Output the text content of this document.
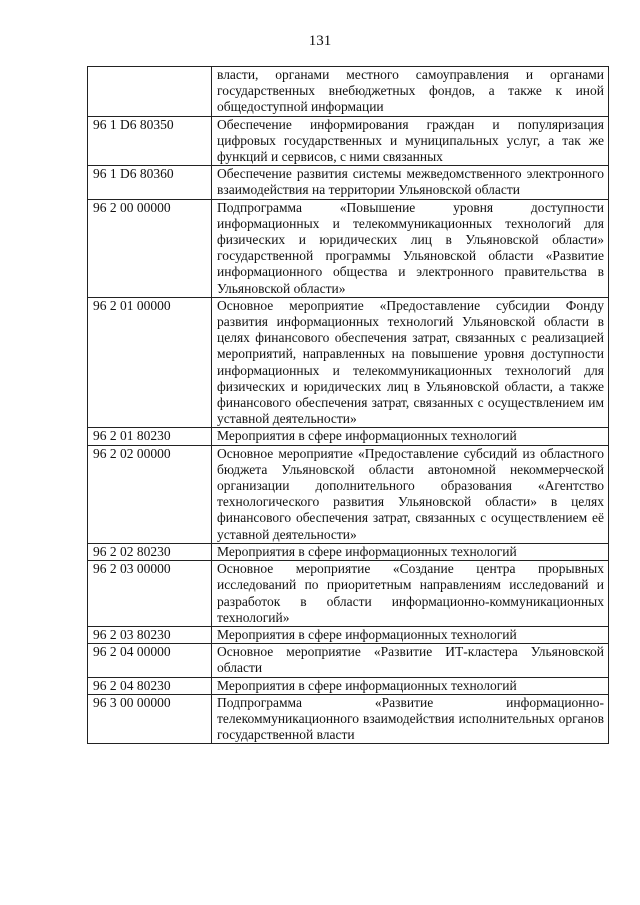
131
	власти, органами местного самоуправления и органами государственных внебюджетных фондов, а также к иной общедоступной информации
96 1 D6 80350	Обеспечение информирования граждан и популяризация цифровых государственных и муниципальных услуг, а так же функций и сервисов, с ними связанных
96 1 D6 80360	Обеспечение развития системы межведомственного электронного взаимодействия на территории Ульяновской области
96 2 00 00000	Подпрограмма «Повышение уровня доступности информационных и телекоммуникационных технологий для физических и юридических лиц в Ульяновской области» государственной программы Ульяновской области «Развитие информационного общества и электронного правительства в Ульяновской области»
96 2 01 00000	Основное мероприятие «Предоставление субсидии Фонду развития информационных технологий Ульяновской области в целях финансового обеспечения затрат, связанных с реализацией мероприятий, направленных на повышение уровня доступности информационных и телекоммуникационных технологий для физических и юридических лиц в Ульяновской области, а также финансового обеспечения затрат, связанных с осуществлением им уставной деятельности»
96 2 01 80230	Мероприятия в сфере информационных технологий
96 2 02 00000	Основное мероприятие «Предоставление субсидий из областного бюджета Ульяновской области автономной некоммерческой организации дополнительного образования «Агентство технологического развития Ульяновской области» в целях финансового обеспечения затрат, связанных с осуществлением её уставной деятельности»
96 2 02 80230	Мероприятия в сфере информационных технологий
96 2 03 00000	Основное мероприятие «Создание центра прорывных исследований по приоритетным направлениям исследований и разработок в области информационно-коммуникационных технологий»
96 2 03 80230	Мероприятия в сфере информационных технологий
96 2 04 00000	Основное мероприятие «Развитие ИТ-кластера Ульяновской области
96 2 04 80230	Мероприятия в сфере информационных технологий
96 3 00 00000	Подпрограмма «Развитие информационно-телекоммуникационного взаимодействия исполнительных органов государственной власти
